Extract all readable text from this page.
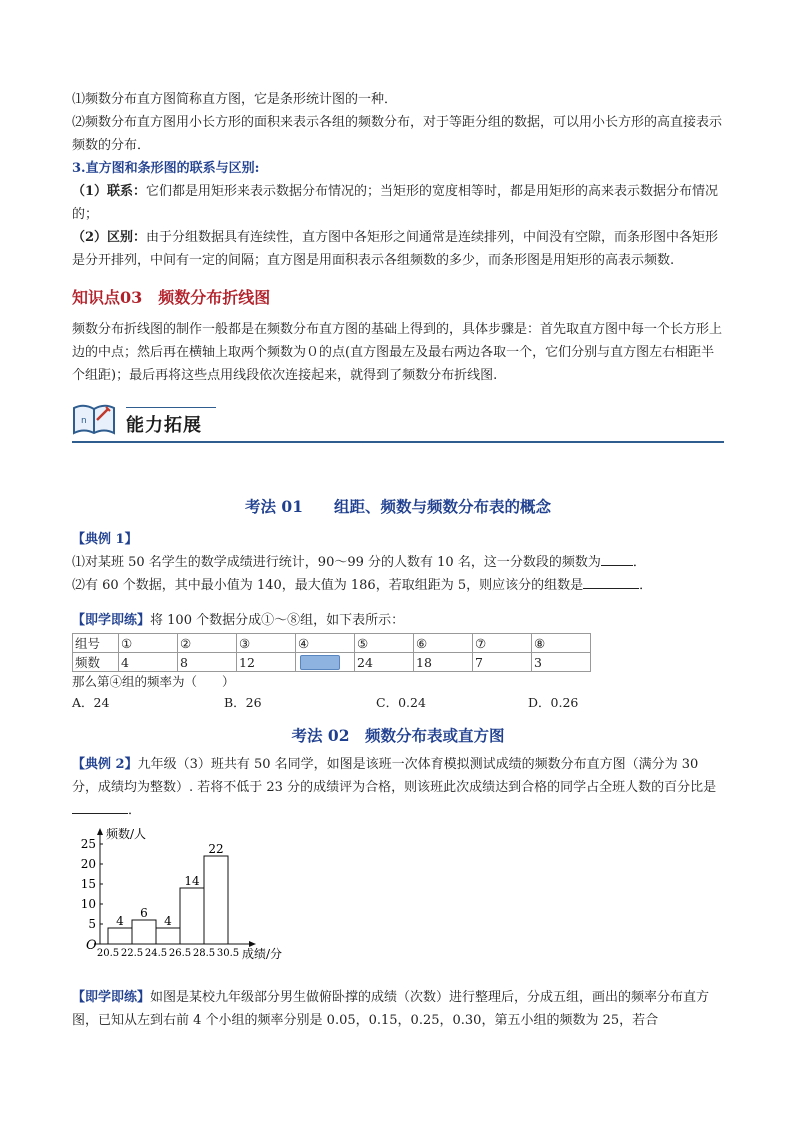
⑴频数分布直方图简称直方图，它是条形统计图的一种．

⑵频数分布直方图用小长方形的面积来表示各组的频数分布，对于等距分组的数据，可以用小长方形的高直接表示频数的分布．

3.直方图和条形图的联系与区别:

（1）联系：它们都是用矩形来表示数据分布情况的；当矩形的宽度相等时，都是用矩形的高来表示数据分布情况的；

（2）区别：由于分组数据具有连续性，直方图中各矩形之间通常是连续排列，中间没有空隙，而条形图中各矩形是分开排列，中间有一定的间隔；直方图是用面积表示各组频数的多少，而条形图是用矩形的高表示频数.

知识点03　频数分布折线图

频数分布折线图的制作一般都是在频数分布直方图的基础上得到的，具体步骤是：首先取直方图中每一个长方形上边的中点；然后再在横轴上取两个频数为０的点(直方图最左及最右两边各取一个，它们分别与直方图左右相距半个组距)；最后再将这些点用线段依次连接起来，就得到了频数分布折线图.

n 能力拓展

考法 01　　组距、频数与频数分布表的概念

【典例 1】

⑴对某班 50 名学生的数学成绩进行统计，90～99 分的人数有 10 名，这一分数段的频数为 ．

⑵有 60 个数据，其中最小值为 140，最大值为 186，若取组距为 5，则应该分的组数是	．

【即学即练】将 100 个数据分成①～⑧组，如下表所示：

组号	①	②	③	④	⑤	⑥	⑦	⑧
频数	4	8	12		24	18	7	3

那么第④组的频率为（　　）

A．24	B．26	C．0.24	D．0.26

考法 02　频数分布表或直方图

【典例 2】九年级（3）班共有 50 名同学，如图是该班一次体育模拟测试成绩的频数分布直方图（满分为 30 分，成绩均为整数）. 若将不低于 23 分的成绩评为合格，则该班此次成绩达到合格的同学占全班人数的百分比是．

频数/人
成绩/分
O
5
10
15
20
25
4
6
4
14
22
20.5 22.5 24.5 26.5 28.5 30.5

【即学即练】如图是某校九年级部分男生做俯卧撑的成绩（次数）进行整理后，分成五组，画出的频率分布直方图，已知从左到右前 4 个小组的频率分别是 0.05，0.15，0.25，0.30，第五小组的频数为 25，若合
